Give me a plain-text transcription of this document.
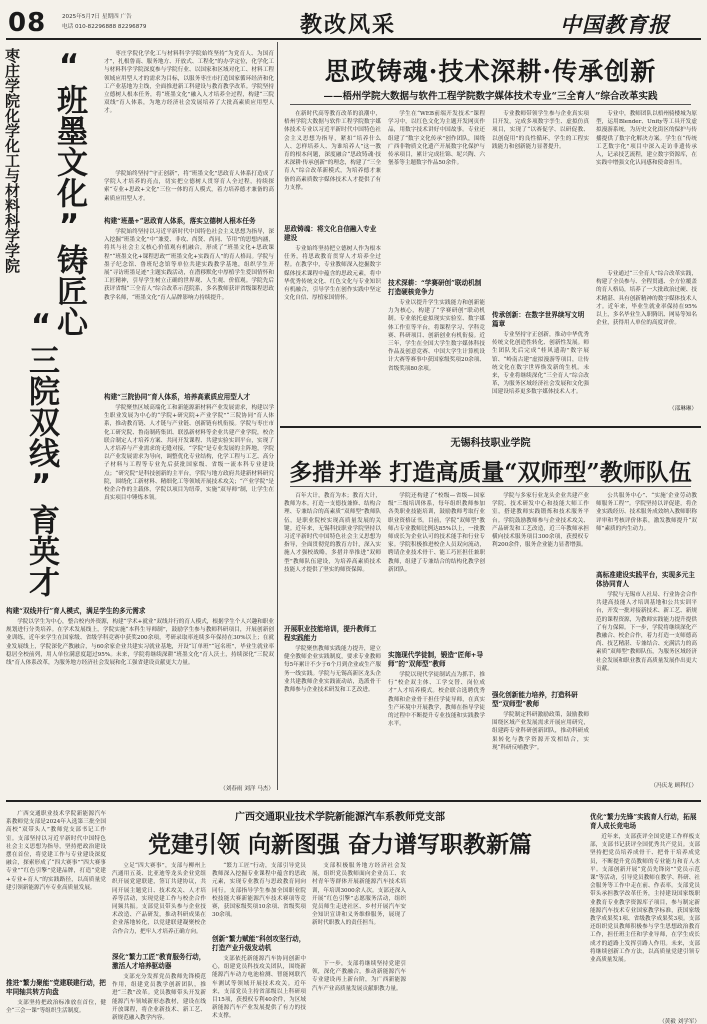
08	2025年5月7日 星期四 广告
电话 010-82296888 82296879	教改风采	中国教育报
枣庄学院化学化工与材料科学学院 “班墨文化”铸匠心
“三院双线”育英才

枣庄学院化学化工与材料科学学院始终坚持“为党育人、为国育才”，扎根鲁南、服务地方、开放式、工程化”的办学定位，化学化工与材料科学学院深度参与学院行业、以国家和区域对化工、材料工程领域应用型人才的需求为目标，以服务枣庄市打造国家循环经济和化工产业基地为主线，全面推进新工科建设与教育教学改革。学院坚持立德树人根本任务，将“班墨文化”融入人才培养全过程，构建“三院双线”育人体系，为地方经济社会发展培养了大批高素质应用型人才。

学院始终坚持“守正创新”，将“班墨文化”思政育人体系打造成了学院人才培养的亮点，切实把立德树人贯穿育人全过程，持续探索“专业+思政+文化”三位一体的育人模式，着力培养德才兼备的高素质应用型人才。

构建“班墨+”思政育人体系，落实立德树人根本任务

学院始终坚持以习近平新时代中国特色社会主义思想为指导，深入挖掘“班墨文化”中“兼爱、非攻、尚贤、尚同、节用”的思想内涵，将其与社会主义核心价值观有机融合，形成了“班墨文化+思政课程”“班墨文化+课程思政”“班墨文化+实践育人”的育人格局。学院与墨子纪念馆、鲁班纪念馆等单位共建实践教学基地，组织学生开展“寻访班墨足迹”主题实践活动，在潜移默化中厚植学生爱国情怀和工匠精神，引导学生树立正确的世界观、人生观、价值观。学院先后获评省级“三全育人”综合改革示范院系，多名教师获评省级课程思政教学名师，“班墨文化”育人品牌影响力持续提升。

构建“三院协同”育人体系，培养高素质应用型人才

学院聚焦区域高端化工和新能源新材料产业发展需求，构建以学生职业发展为中心的“学院+研究院+产业学院”“三院协同”育人体系，推动教育链、人才链与产业链、创新链有机衔接。学院与枣庄市化工研究院、鲁南制药集团、联泓新材料等企业共建产业学院，校企联合制定人才培养方案、共同开发课程、共建实验实训平台，实现了人才培养与产业需求的无缝对接。“学院”是专业发展的主阵地，学院以产业发展需求为导向，调整优化专业结构，化学工程与工艺、高分子材料与工程等专业先后获批国家级、省级一流本科专业建设点；“研究院”是科技创新的主平台，学院与地方政府共建新材料研究院，围绕化工新材料、精细化工等领域开展技术攻关；“产业学院”是校企合作的主载体，学院以项目为纽带，实施“双导师”制，让学生在真实项目中锤炼本领。

构建“双线并行”育人模式，满足学生的多元需求

学院以学生为中心，整合校内外资源，构建“学术+就业”双线并行的育人模式，根据学生个人兴趣和职业规划进行分类培养。在学术发展线上，学院实施“本科生导师制”，鼓励学生参与教师科研项目，开展创新创业训练，近年来学生在国家级、省级学科竞赛中获奖200余项，考研录取率连续多年保持在30%以上；在就业发展线上，学院深化产教融合，与60余家企业共建实习就业基地，开设“订单班”“冠名班”，毕业生就业率稳居全校前列，用人单位满意度超过95%。未来，学院将继续深耕“班墨文化”育人沃土，持续深化“三院双线”育人体系改革，为服务地方经济社会发展和化工强省建设贡献更大力量。

（刘春雨 刘洋 马杰）
思政铸魂·技术深耕·传承创新
——梧州学院大数据与软件工程学院数字媒体技术专业“三全育人”综合改革实践

在新时代高等教育改革的浪潮中，梧州学院大数据与软件工程学院数字媒体技术专业以习近平新时代中国特色社会主义思想为指导，紧扣“培养什么人、怎样培养人、为谁培养人”这一教育的根本问题，深度融合“思政铸魂·技术深耕·传承创新”的理念，构建了“三全育人”综合改革新模式，为培养德才兼备的高素质数字媒体技术人才提供了有力支撑。

思政铸魂：将文化自信融入专业建设

专业始终坚持把立德树人作为根本任务，将思政教育贯穿人才培养全过程。在教学中，专业教师深入挖掘数字媒体技术课程中蕴含的思政元素，将中华优秀传统文化、红色文化与专业知识有机融合，引导学生在创作实践中坚定文化自信、厚植家国情怀。

学生在“WEB前端开发技术”课程学习中，以红色文化为主题开发网页作品，用数字技术讲好中国故事。专业还组建了“数字文化传承”创作团队，围绕广西非物质文化遗产开展数字化保护与传承项目，累计完成壮锦、坭兴陶、六堡茶等主题数字作品50余件。

技术深耕：“学赛研创”联动机制打造硬核竞争力

专业以提升学生实践能力和创新能力为核心，构建了“学赛研创”联动机制。专业依托虚拟现实实验室、数字媒体工作室等平台，将课程学习、学科竞赛、科研项目、创新创业有机衔接。近三年，学生在全国大学生数字媒体科技作品及创意竞赛、中国大学生计算机设计大赛等赛事中获国家级奖项20余项、省级奖项80余项。

专业教师带领学生参与企业真实项目开发，完成多项数字孪生、虚拟仿真项目，实现了“以赛促学、以研促教、以创促用”的良性循环，学生的工程实践能力和创新能力显著提升。

传承创新：在数字世界续写文明篇章

专业坚持守正创新，推动中华优秀传统文化创造性转化、创新性发展。师生团队先后完成“桂风遗韵”数字展馆、“岭南古建”虚拟漫游等项目，让传统文化在数字世界焕发新的生机。未来，专业将继续深化“三全育人”综合改革，为服务区域经济社会发展和文化强国建设培养更多数字媒体技术人才。

专业中，教师团队以梧州骑楼城为原型，运用Blender、Unity等工具开发虚拟漫游系统，为历史文化街区的保护与传播提供了数字化解决方案。学生在“传统工艺数字化”项目中深入走访非遗传承人，记录技艺流程，建立数字资源库，在实践中增强文化认同感和使命担当。

专业通过“三全育人”综合改革实践，构建了全员参与、全程贯通、全方位覆盖的育人格局，培养了一大批政治过硬、技术精湛、具有创新精神的数字媒体技术人才。近年来，毕业生就业率保持在95%以上，多名毕业生入职腾讯、网易等知名企业，获得用人单位的高度评价。

（邵琳琳）
无锡科技职业学院
多措并举 打造高质量“双师型”教师队伍

百年大计，教育为本；教育大计，教师为本。打造一支德技兼修、结构合理、专兼结合的高素质“双师型”教师队伍，是职业院校实现高质量发展的关键。近年来，无锡科技职业学院坚持以习近平新时代中国特色社会主义思想为指导，全面贯彻党的教育方针，深入实施人才强校战略，多措并举推进“双师型”教师队伍建设，为培养高素质技术技能人才提供了坚实的师资保障。

开展职业技能培训，提升教师工程实践能力

学院聚焦教师实践能力提升，建立健全教师企业实践制度，要求专业教师每5年累计不少于6个月到企业或生产服务一线实践。学院与无锡高新区龙头企业共建教师企业实践流动站，选派骨干教师参与企业技术研发和工艺改进。

学院还构建了“校级—省级—国家级”三级培训体系，每年组织教师参加各类职业技能培训，鼓励教师考取行业职业资格证书。目前，学院“双师型”教师占专业教师比例达85%以上，一批教师成长为企业认可的技术能手和行业专家。学院积极推进校企人员双向流动，聘请企业技术骨干、能工巧匠担任兼职教师，组建了专兼结合的结构化教学创新团队。

实施现代学徒制，锻造“匠师+导师”的“双师型”教师

学院以现代学徒制试点为抓手，推行“校企双主体、工学交替、岗位成才”人才培养模式。校企联合选聘优秀教师和企业骨干担任学徒导师，在真实生产环境中开展教学，教师在指导学徒的过程中不断提升专业技能和实践教学水平。

学院与多家行业龙头企业共建产业学院、技术研发中心和技能大师工作室，搭建教师实践锻炼和技术服务平台。学院鼓励教师参与企业技术攻关、产品研发和工艺改造，近三年教师承担横向技术服务项目300余项，获授权专利200余件，服务企业能力显著增强。

强化创新能力培养，打造科研型“双师型”教师

学院制定科研激励政策，鼓励教师围绕区域产业发展需求开展应用研究，组建跨专业科研创新团队，推动科研成果转化与教学资源开发相结合，实现“科研反哺教学”。

公共服务中心”、“实施‘企业劳动教师服务工程’”。学院坚持以评促建，将企业实践经历、技术服务成效纳入教师职称评审和考核评价体系，激发教师提升“双师”素质的内生动力。

高标准建设实践平台，实现多元主体协同育人

学院与无锡市人社局、行业协会合作共建高技能人才培训基地和公共实训平台，开发一批对接新技术、新工艺、新规范的课程资源，为教师实践能力提升提供了有力保障。下一步，学院将继续深化产教融合、校企合作，着力打造一支师德高尚、技艺精湛、专兼结合、充满活力的高素质“双师型”教师队伍，为服务区域经济社会发展和职业教育高质量发展作出更大贡献。

（冯庆龙 顾科红）
广西交通职业技术学院新能源汽车系教师党支部
党建引领 向新图强 奋力谱写职教新篇

广西交通职业技术学院新能源汽车系教师党支部是2024年入选第三批全国高校“双带头人”教师党支部书记工作室。支部坚持以习近平新时代中国特色社会主义思想为指导，坚持把政治建设摆在首位，将党建工作与专业建设深度融合，探索形成了“四大赛事”“四大赛事专业”“红色引擎”党建品牌，打造“党建+专业+育人”的实践路径，以高质量党建引领新能源汽车专业高质量发展。

推进“繁力聚能”党建联建行动，把牢同轴共转方向盘

支部坚持把政治标准放在首位，健全“三会一课”等组织生活制度。

立足“四大赛事”，支部与柳州上汽通用五菱、比亚迪等龙头企业党组织开展党建联建，签订共建协议，共同开展主题党日、技术攻关、人才培养等活动，实现党建工作与校企合作同频共振。支部党员带头参与企业技术改造、产品研发，推动科研成果在企业落地转化，以党建联建凝聚校企合作合力，把牢人才培养正确方向。

深化“繁力工匠”教育服务行动，激活人才培养驱动器

支部充分发挥党员教师先锋模范作用，组建党员教学创新团队，推进“三教”改革。党员教师带头开发新能源汽车领域新形态教材，建设在线开放课程，将企业新技术、新工艺、新规范融入教学内容。

“繁力工匠”行动，支部引导党员教师深入挖掘专业课程中蕴含的思政元素，实现专业教育与思政教育同向同行。支部指导学生参加全国职业院校技能大赛新能源汽车技术赛项等竞赛，获国家级奖项10余项、省级奖项30余项。

创新“繁力赋能”科创攻坚行动，打造产业升级发动机

支部依托新能源汽车协同创新中心，组建党员科技攻关团队，围绕新能源汽车动力电池检测、智能网联汽车测试等领域开展技术攻关。近年来，支部党员主持省部级以上科研项目15项，获授权专利40余件，为区域新能源汽车产业发展提供了有力的技术支撑。

支部积极服务地方经济社会发展，组织党员教师面向企业员工、农村青年等群体开展新能源汽车技术培训，年培训3000余人次。支部还深入开展“红色引擎”志愿服务活动，组织党员师生走进社区、乡村开展汽车安全知识宣讲和义务维修服务，展现了新时代职教人的责任担当。

下一步，支部将继续坚持党建引领，深化产教融合，推动新能源汽车专业建设再上新台阶，为广西新能源汽车产业高质量发展贡献职教力量。

优化“繁力先锋”实践育人行动，拓展育人成长竞电场

近年来，支部获评全国党建工作样板支部，支部书记获评全国优秀共产党员。支部坚持把党员培养成骨干、把骨干培养成党员，不断提升党员教师的专业能力和育人水平。支部创新开展“党员先锋岗”“党员示范课”等活动，引导党员教师在教学、科研、社会服务等工作中走在前、作表率。支部党员带头承担教学改革任务，主持建设国家级职业教育专业教学资源库子项目，参与制定新能源汽车技术专业国家教学标准，获国家级教学成果奖1项、省级教学成果奖3项。支部还组织党员教师积极参与学生思想政治教育工作，担任班主任和学业导师，在学生成长成才的道路上发挥引路人作用。未来，支部将继续创新工作方法，以高质量党建引领专业高质量发展。

（黄毅 刘学军）
